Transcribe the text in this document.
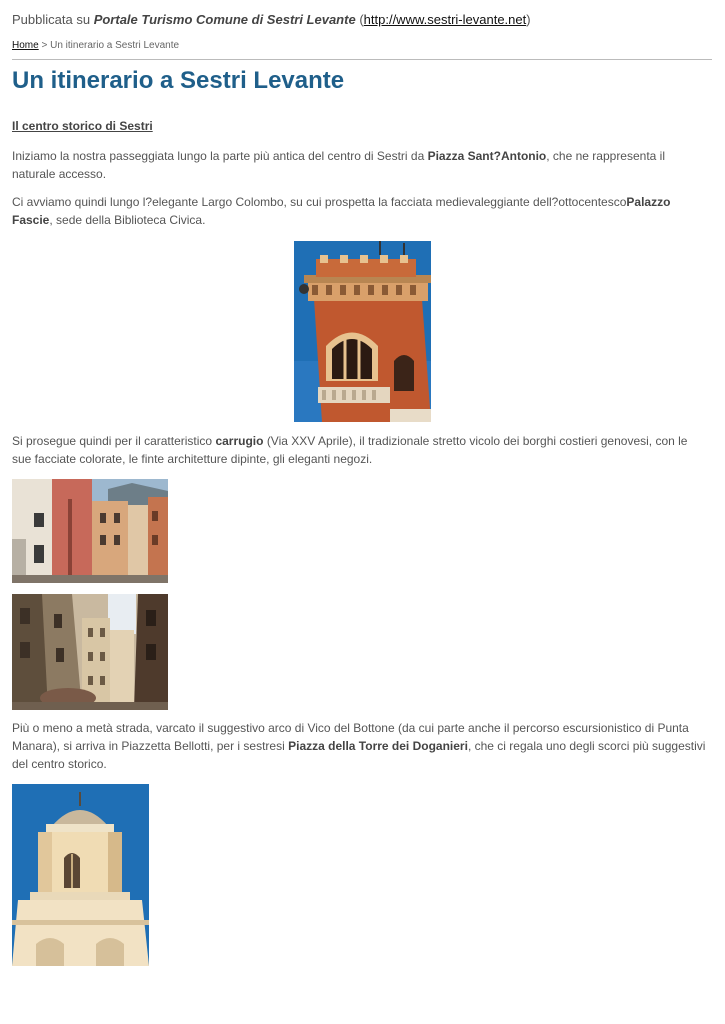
Pubblicata su Portale Turismo Comune di Sestri Levante (http://www.sestri-levante.net)
Home > Un itinerario a Sestri Levante
Un itinerario a Sestri Levante
Il centro storico di Sestri

Iniziamo la nostra passeggiata lungo la parte più antica del centro di Sestri da Piazza Sant?Antonio, che ne rappresenta il naturale accesso.

Ci avviamo quindi lungo l?elegante Largo Colombo, su cui prospetta la facciata medievaleggiante dell?ottocentescoPalazzo Fascie, sede della Biblioteca Civica.

Si prosegue quindi per il caratteristico carrugio (Via XXV Aprile), il tradizionale stretto vicolo dei borghi costieri genovesi, con le sue facciate colorate, le finte architetture dipinte, gli eleganti negozi.

Più o meno a metà strada, varcato il suggestivo arco di Vico del Bottone (da cui parte anche il percorso escursionistico di Punta Manara), si arriva in Piazzetta Bellotti, per i sestresi Piazza della Torre dei Doganieri, che ci regala uno degli scorci più suggestivi del centro storico.
